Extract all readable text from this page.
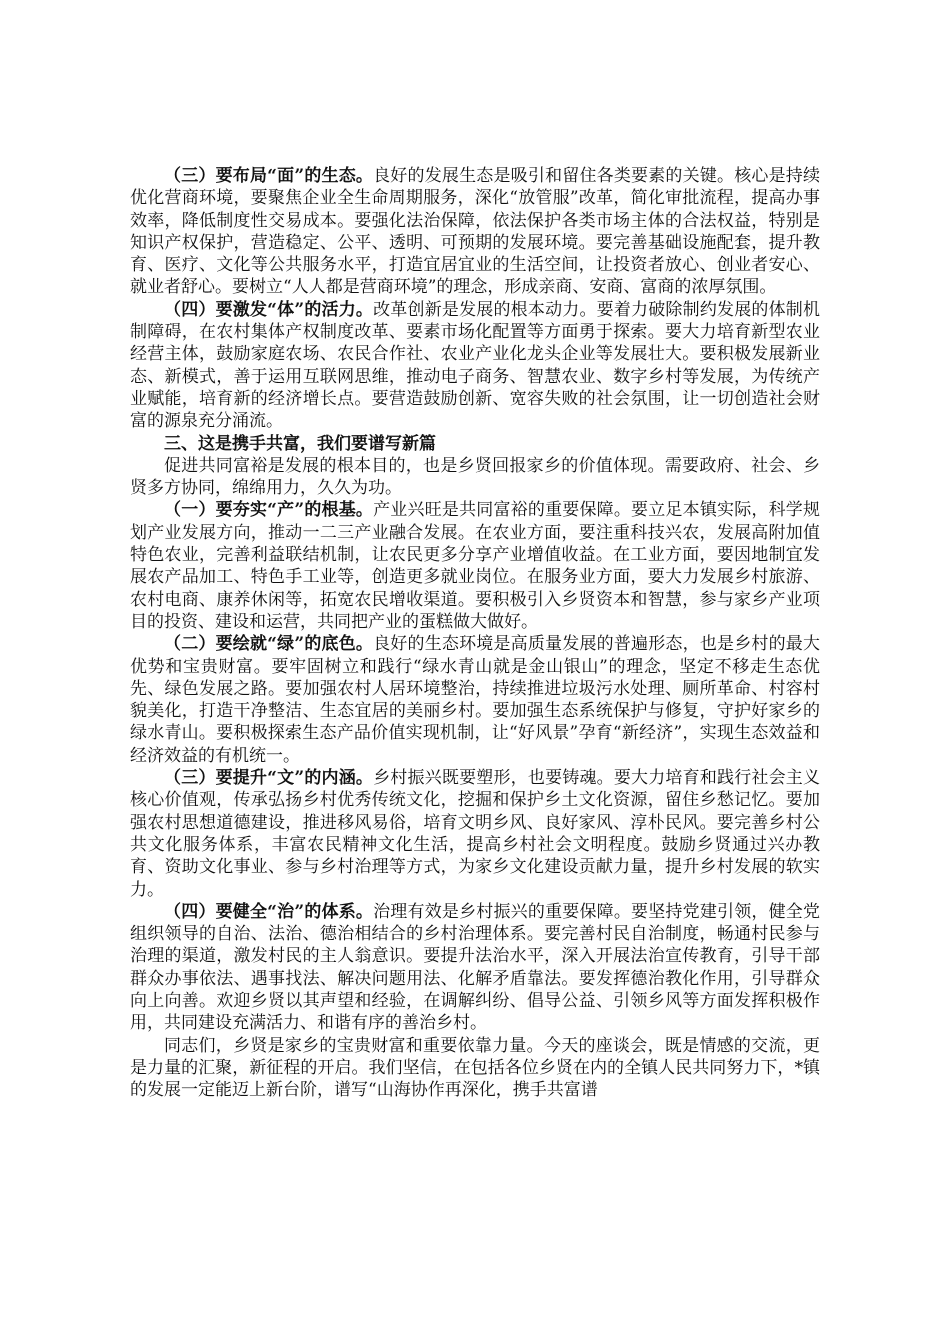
（三）要布局“面”的生态。良好的发展生态是吸引和留住各类要素的关键。核心是持续优化营商环境，要聚焦企业全生命周期服务，深化“放管服”改革，简化审批流程，提高办事效率，降低制度性交易成本。要强化法治保障，依法保护各类市场主体的合法权益，特别是知识产权保护，营造稳定、公平、透明、可预期的发展环境。要完善基础设施配套，提升教育、医疗、文化等公共服务水平，打造宜居宜业的生活空间，让投资者放心、创业者安心、就业者舒心。要树立“人人都是营商环境”的理念，形成亲商、安商、富商的浓厚氛围。

（四）要激发“体”的活力。改革创新是发展的根本动力。要着力破除制约发展的体制机制障碍，在农村集体产权制度改革、要素市场化配置等方面勇于探索。要大力培育新型农业经营主体，鼓励家庭农场、农民合作社、农业产业化龙头企业等发展壮大。要积极发展新业态、新模式，善于运用互联网思维，推动电子商务、智慧农业、数字乡村等发展，为传统产业赋能，培育新的经济增长点。要营造鼓励创新、宽容失败的社会氛围，让一切创造社会财富的源泉充分涌流。

三、这是携手共富，我们要谱写新篇

促进共同富裕是发展的根本目的，也是乡贤回报家乡的价值体现。需要政府、社会、乡贤多方协同，绵绵用力，久久为功。

（一）要夯实“产”的根基。产业兴旺是共同富裕的重要保障。要立足本镇实际，科学规划产业发展方向，推动一二三产业融合发展。在农业方面，要注重科技兴农，发展高附加值特色农业，完善利益联结机制，让农民更多分享产业增值收益。在工业方面，要因地制宜发展农产品加工、特色手工业等，创造更多就业岗位。在服务业方面，要大力发展乡村旅游、农村电商、康养休闲等，拓宽农民增收渠道。要积极引入乡贤资本和智慧，参与家乡产业项目的投资、建设和运营，共同把产业的蛋糕做大做好。

（二）要绘就“绿”的底色。良好的生态环境是高质量发展的普遍形态，也是乡村的最大优势和宝贵财富。要牢固树立和践行“绿水青山就是金山银山”的理念，坚定不移走生态优先、绿色发展之路。要加强农村人居环境整治，持续推进垃圾污水处理、厕所革命、村容村貌美化，打造干净整洁、生态宜居的美丽乡村。要加强生态系统保护与修复，守护好家乡的绿水青山。要积极探索生态产品价值实现机制，让“好风景”孕育“新经济”，实现生态效益和经济效益的有机统一。

（三）要提升“文”的内涵。乡村振兴既要塑形，也要铸魂。要大力培育和践行社会主义核心价值观，传承弘扬乡村优秀传统文化，挖掘和保护乡土文化资源，留住乡愁记忆。要加强农村思想道德建设，推进移风易俗，培育文明乡风、良好家风、淳朴民风。要完善乡村公共文化服务体系，丰富农民精神文化生活，提高乡村社会文明程度。鼓励乡贤通过兴办教育、资助文化事业、参与乡村治理等方式，为家乡文化建设贡献力量，提升乡村发展的软实力。

（四）要健全“治”的体系。治理有效是乡村振兴的重要保障。要坚持党建引领，健全党组织领导的自治、法治、德治相结合的乡村治理体系。要完善村民自治制度，畅通村民参与治理的渠道，激发村民的主人翁意识。要提升法治水平，深入开展法治宣传教育，引导干部群众办事依法、遇事找法、解决问题用法、化解矛盾靠法。要发挥德治教化作用，引导群众向上向善。欢迎乡贤以其声望和经验，在调解纠纷、倡导公益、引领乡风等方面发挥积极作用，共同建设充满活力、和谐有序的善治乡村。

同志们，乡贤是家乡的宝贵财富和重要依靠力量。今天的座谈会，既是情感的交流，更是力量的汇聚，新征程的开启。我们坚信，在包括各位乡贤在内的全镇人民共同努力下，*镇的发展一定能迈上新台阶，谱写“山海协作再深化，携手共富谱
